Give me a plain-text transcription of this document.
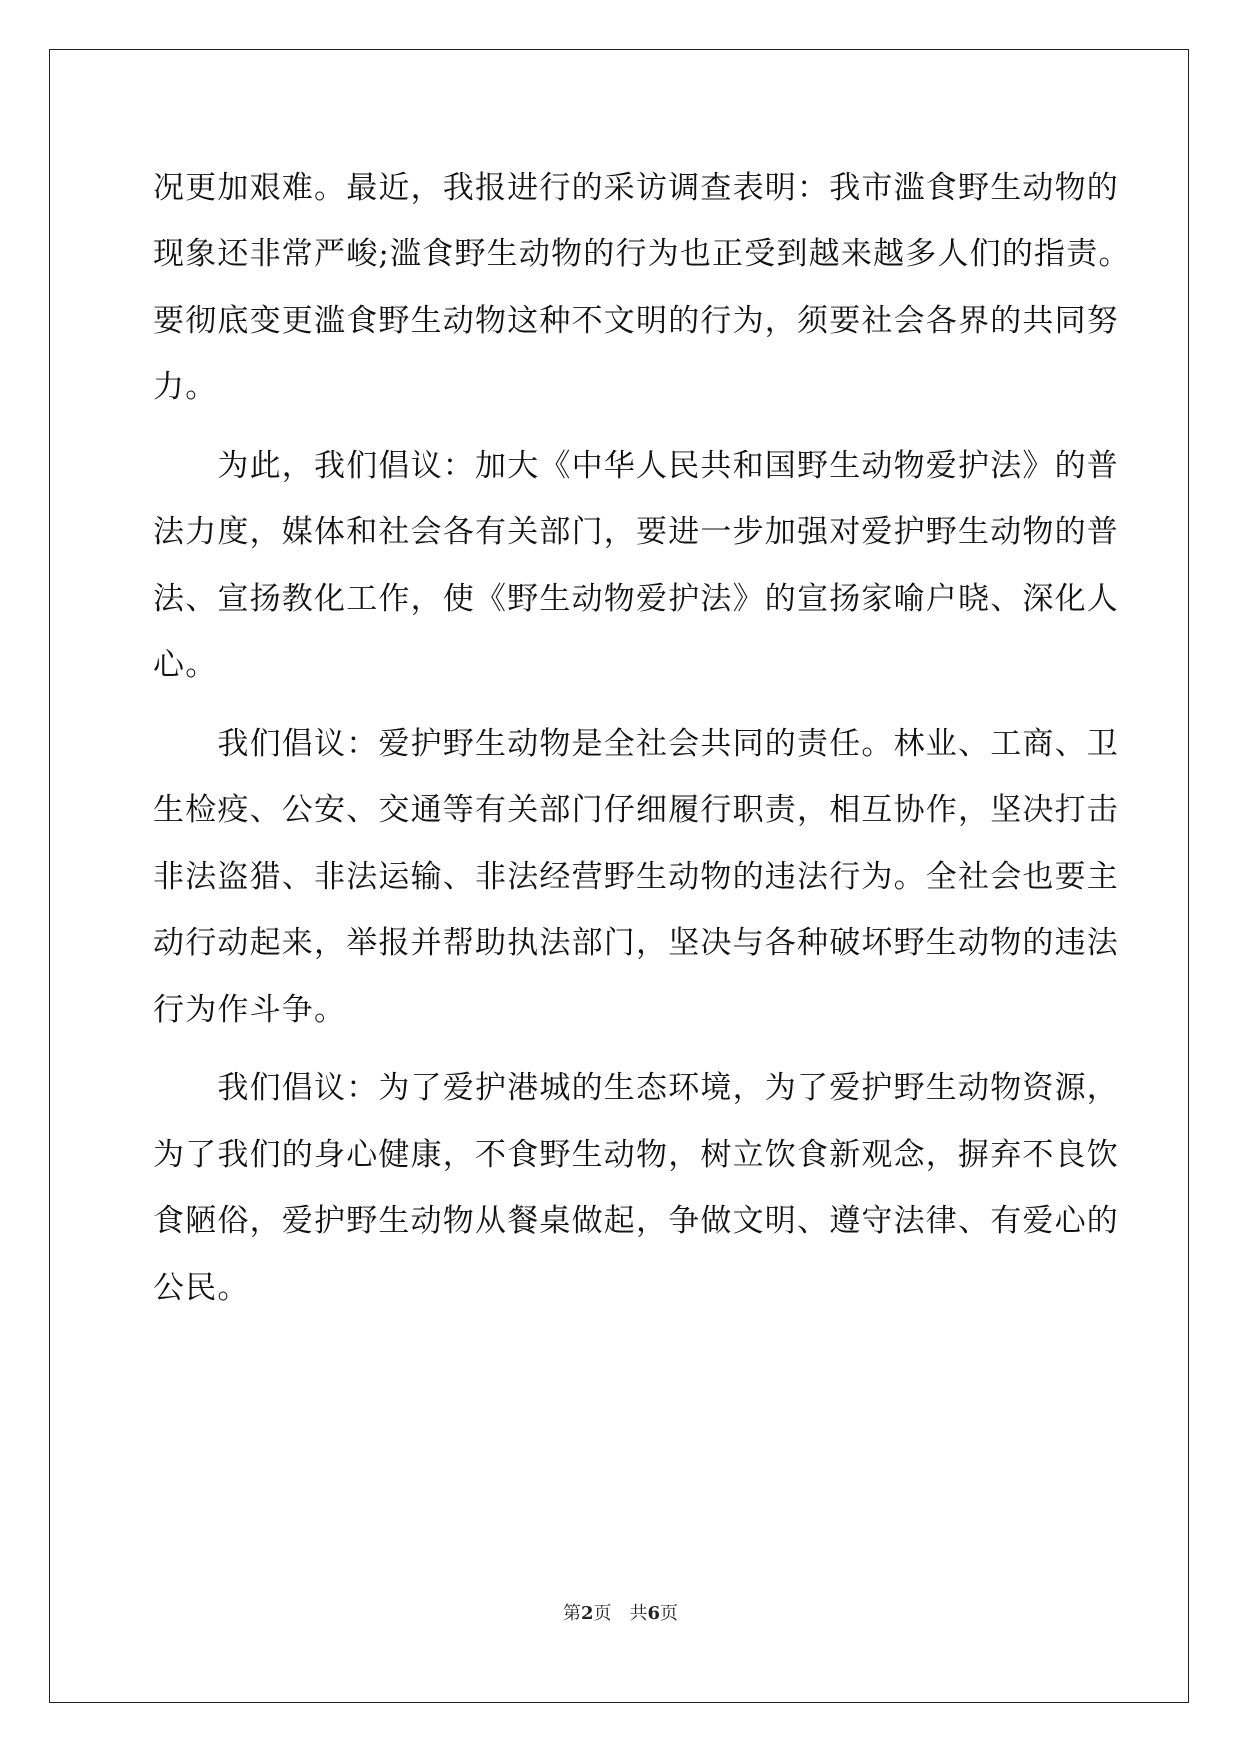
况更加艰难。最近，我报进行的采访调查表明：我市滥食野生动物的

现象还非常严峻;滥食野生动物的行为也正受到越来越多人们的指责。

要彻底变更滥食野生动物这种不文明的行为，须要社会各界的共同努

力。

　　为此，我们倡议：加大《中华人民共和国野生动物爱护法》的普

法力度，媒体和社会各有关部门，要进一步加强对爱护野生动物的普

法、宣扬教化工作，使《野生动物爱护法》的宣扬家喻户晓、深化人

心。

　　我们倡议：爱护野生动物是全社会共同的责任。林业、工商、卫

生检疫、公安、交通等有关部门仔细履行职责，相互协作，坚决打击

非法盗猎、非法运输、非法经营野生动物的违法行为。全社会也要主

动行动起来，举报并帮助执法部门，坚决与各种破坏野生动物的违法

行为作斗争。

　　我们倡议：为了爱护港城的生态环境，为了爱护野生动物资源，

为了我们的身心健康，不食野生动物，树立饮食新观念，摒弃不良饮

食陋俗，爱护野生动物从餐桌做起，争做文明、遵守法律、有爱心的

公民。

第2页　共6页
